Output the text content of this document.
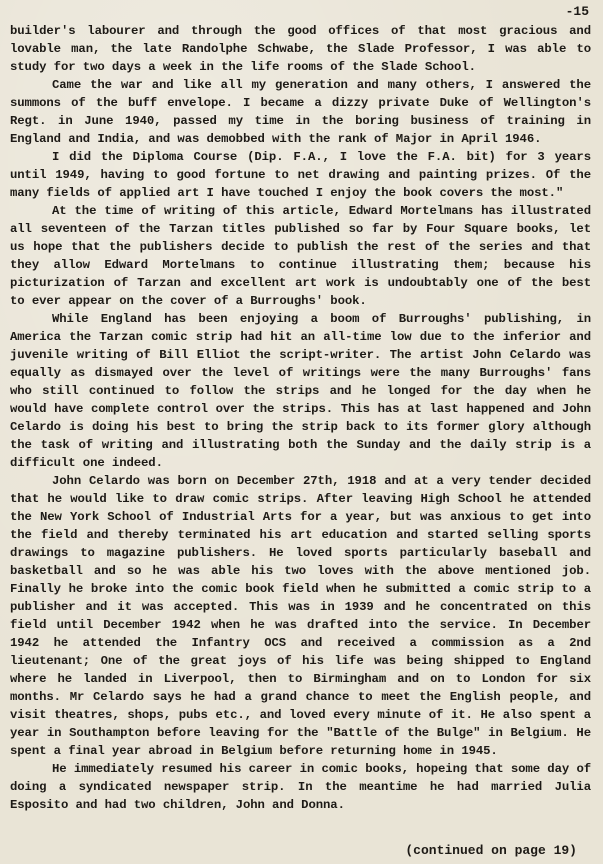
-15

builder's labourer and through the good offices of that most gracious and lovable man, the late Randolphe Schwabe, the Slade Professor, I was able to study for two days a week in the life rooms of the Slade School.

Came the war and like all my generation and many others, I answered the summons of the buff envelope. I became a dizzy private Duke of Wellington's Regt. in June 1940, passed my time in the boring business of training in England and India, and was demobbed with the rank of Major in April 1946.

I did the Diploma Course (Dip. F.A., I love the F.A. bit) for 3 years until 1949, having to good fortune to net drawing and painting prizes. Of the many fields of applied art I have touched I enjoy the book covers the most."

At the time of writing of this article, Edward Mortelmans has illustrated all seventeen of the Tarzan titles published so far by Four Square books, let us hope that the publishers decide to publish the rest of the series and that they allow Edward Mortelmans to continue illustrating them; because his picturization of Tarzan and excellent art work is undoubtably one of the best to ever appear on the cover of a Burroughs' book.

While England has been enjoying a boom of Burroughs' publishing, in America the Tarzan comic strip had hit an all-time low due to the inferior and juvenile writing of Bill Elliot the script-writer. The artist John Celardo was equally as dismayed over the level of writings were the many Burroughs' fans who still continued to follow the strips and he longed for the day when he would have complete control over the strips. This has at last happened and John Celardo is doing his best to bring the strip back to its former glory although the task of writing and illustrating both the Sunday and the daily strip is a difficult one indeed.

John Celardo was born on December 27th, 1918 and at a very tender decided that he would like to draw comic strips. After leaving High School he attended the New York School of Industrial Arts for a year, but was anxious to get into the field and thereby terminated his art education and started selling sports drawings to magazine publishers. He loved sports particularly baseball and basketball and so he was able his two loves with the above mentioned job. Finally he broke into the comic book field when he submitted a comic strip to a publisher and it was accepted. This was in 1939 and he concentrated on this field until December 1942 when he was drafted into the service. In December 1942 he attended the Infantry OCS and received a commission as a 2nd lieutenant; One of the great joys of his life was being shipped to England where he landed in Liverpool, then to Birmingham and on to London for six months. Mr Celardo says he had a grand chance to meet the English people, and visit theatres, shops, pubs etc., and loved every minute of it. He also spent a year in Southampton before leaving for the "Battle of the Bulge" in Belgium. He spent a final year abroad in Belgium before returning home in 1945.

He immediately resumed his career in comic books, hopeing that some day of doing a syndicated newspaper strip. In the meantime he had married Julia Esposito and had two children, John and Donna.

(continued on page 19)
